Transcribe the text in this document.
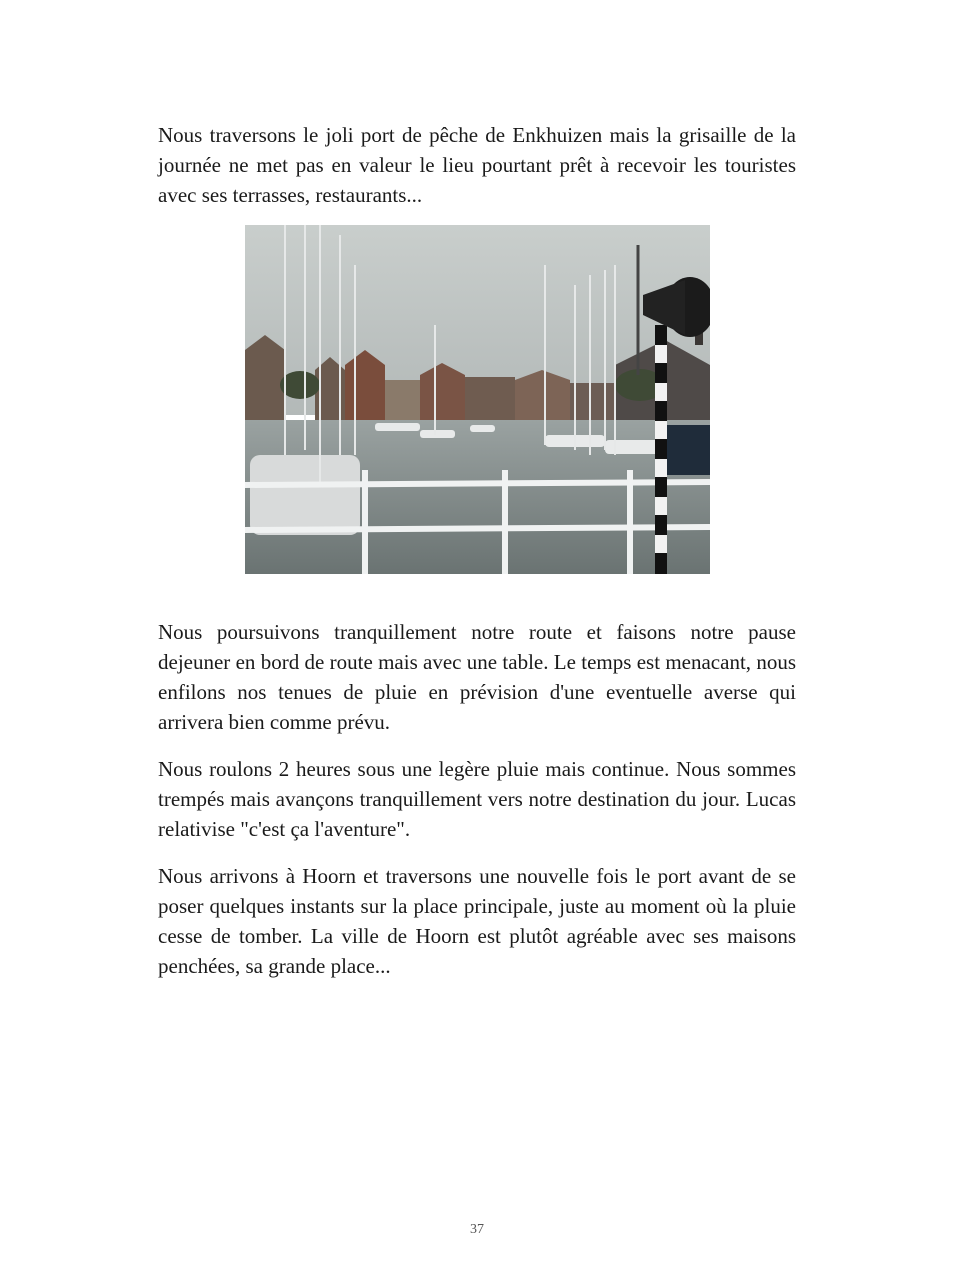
Nous traversons le joli port de pêche de Enkhuizen mais la grisaille de la journée ne met pas en valeur le lieu pourtant prêt à recevoir les touristes avec ses terrasses, restaurants...

Nous poursuivons tranquillement notre route et faisons notre pause dejeuner en bord de route mais avec une table. Le temps est menacant, nous enfilons nos tenues de pluie en prévision d'une eventuelle averse qui arrivera bien comme prévu.

Nous roulons 2 heures sous une legère pluie mais continue. Nous sommes trempés mais avançons tranquillement vers notre destination du jour. Lucas relativise "c'est ça l'aventure".

Nous arrivons à Hoorn et traversons une nouvelle fois le port avant de se poser quelques instants sur la place principale, juste au moment où la pluie cesse de tomber. La ville de Hoorn est plutôt agréable avec ses maisons penchées, sa grande place...

37
